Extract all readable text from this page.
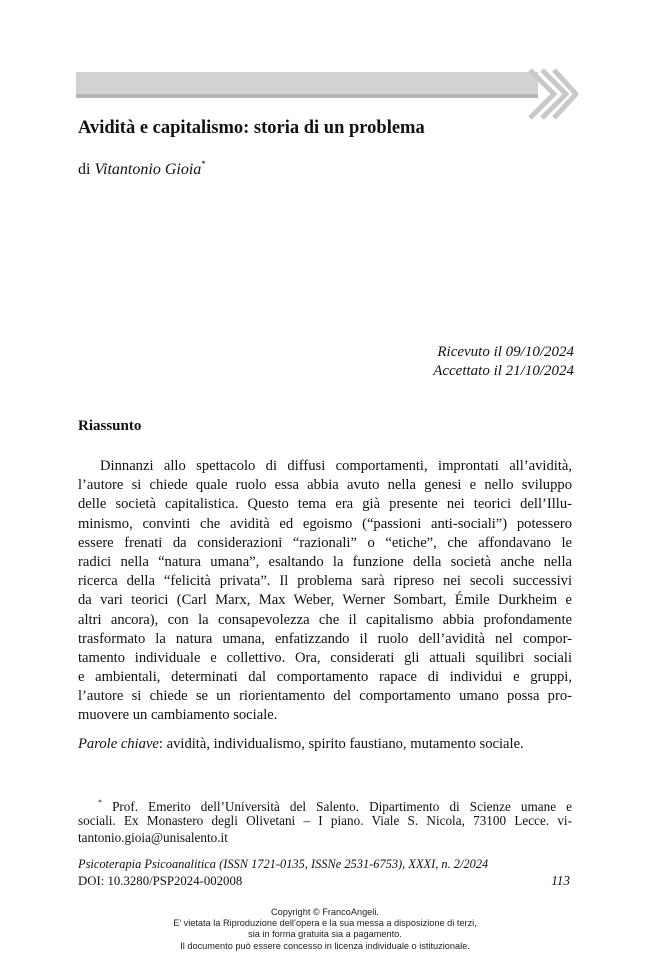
Avidità e capitalismo: storia di un problema
di Vitantonio Gioia*
Ricevuto il 09/10/2024
Accettato il 21/10/2024
Riassunto
Dinnanzi allo spettacolo di diffusi comportamenti, improntati all’avidità,
l’autore si chiede quale ruolo essa abbia avuto nella genesi e nello sviluppo
delle società capitalistica. Questo tema era già presente nei teorici dell’Illu-
minismo, convinti che avidità ed egoismo (“passioni anti-sociali”) potessero
essere frenati da considerazioni “razionali” o “etiche”, che affondavano le
radici nella “natura umana”, esaltando la funzione della società anche nella
ricerca della “felicità privata”. Il problema sarà ripreso nei secoli successivi
da vari teorici (Carl Marx, Max Weber, Werner Sombart, Émile Durkheim e
altri ancora), con la consapevolezza che il capitalismo abbia profondamente
trasformato la natura umana, enfatizzando il ruolo dell’avidità nel compor-
tamento individuale e collettivo. Ora, considerati gli attuali squilibri sociali
e ambientali, determinati dal comportamento rapace di individui e gruppi,
l’autore si chiede se un riorientamento del comportamento umano possa pro-
muovere un cambiamento sociale.
Parole chiave: avidità, individualismo, spirito faustiano, mutamento sociale.
* Prof. Emerito dell’Università del Salento. Dipartimento di Scienze umane e
sociali. Ex Monastero degli Olivetani – I piano. Viale S. Nicola, 73100 Lecce. vi-
tantonio.gioia@unisalento.it
Psicoterapia Psicoanalitica (ISSN 1721-0135, ISSNe 2531-6753), XXXI, n. 2/2024
DOI: 10.3280/PSP2024-002008	113
Copyright © FrancoAngeli.
E’ vietata la Riproduzione dell’opera e la sua messa a disposizione di terzi,
sia in forma gratuita sia a pagamento.
Il documento può essere concesso in licenza individuale o istituzionale.
